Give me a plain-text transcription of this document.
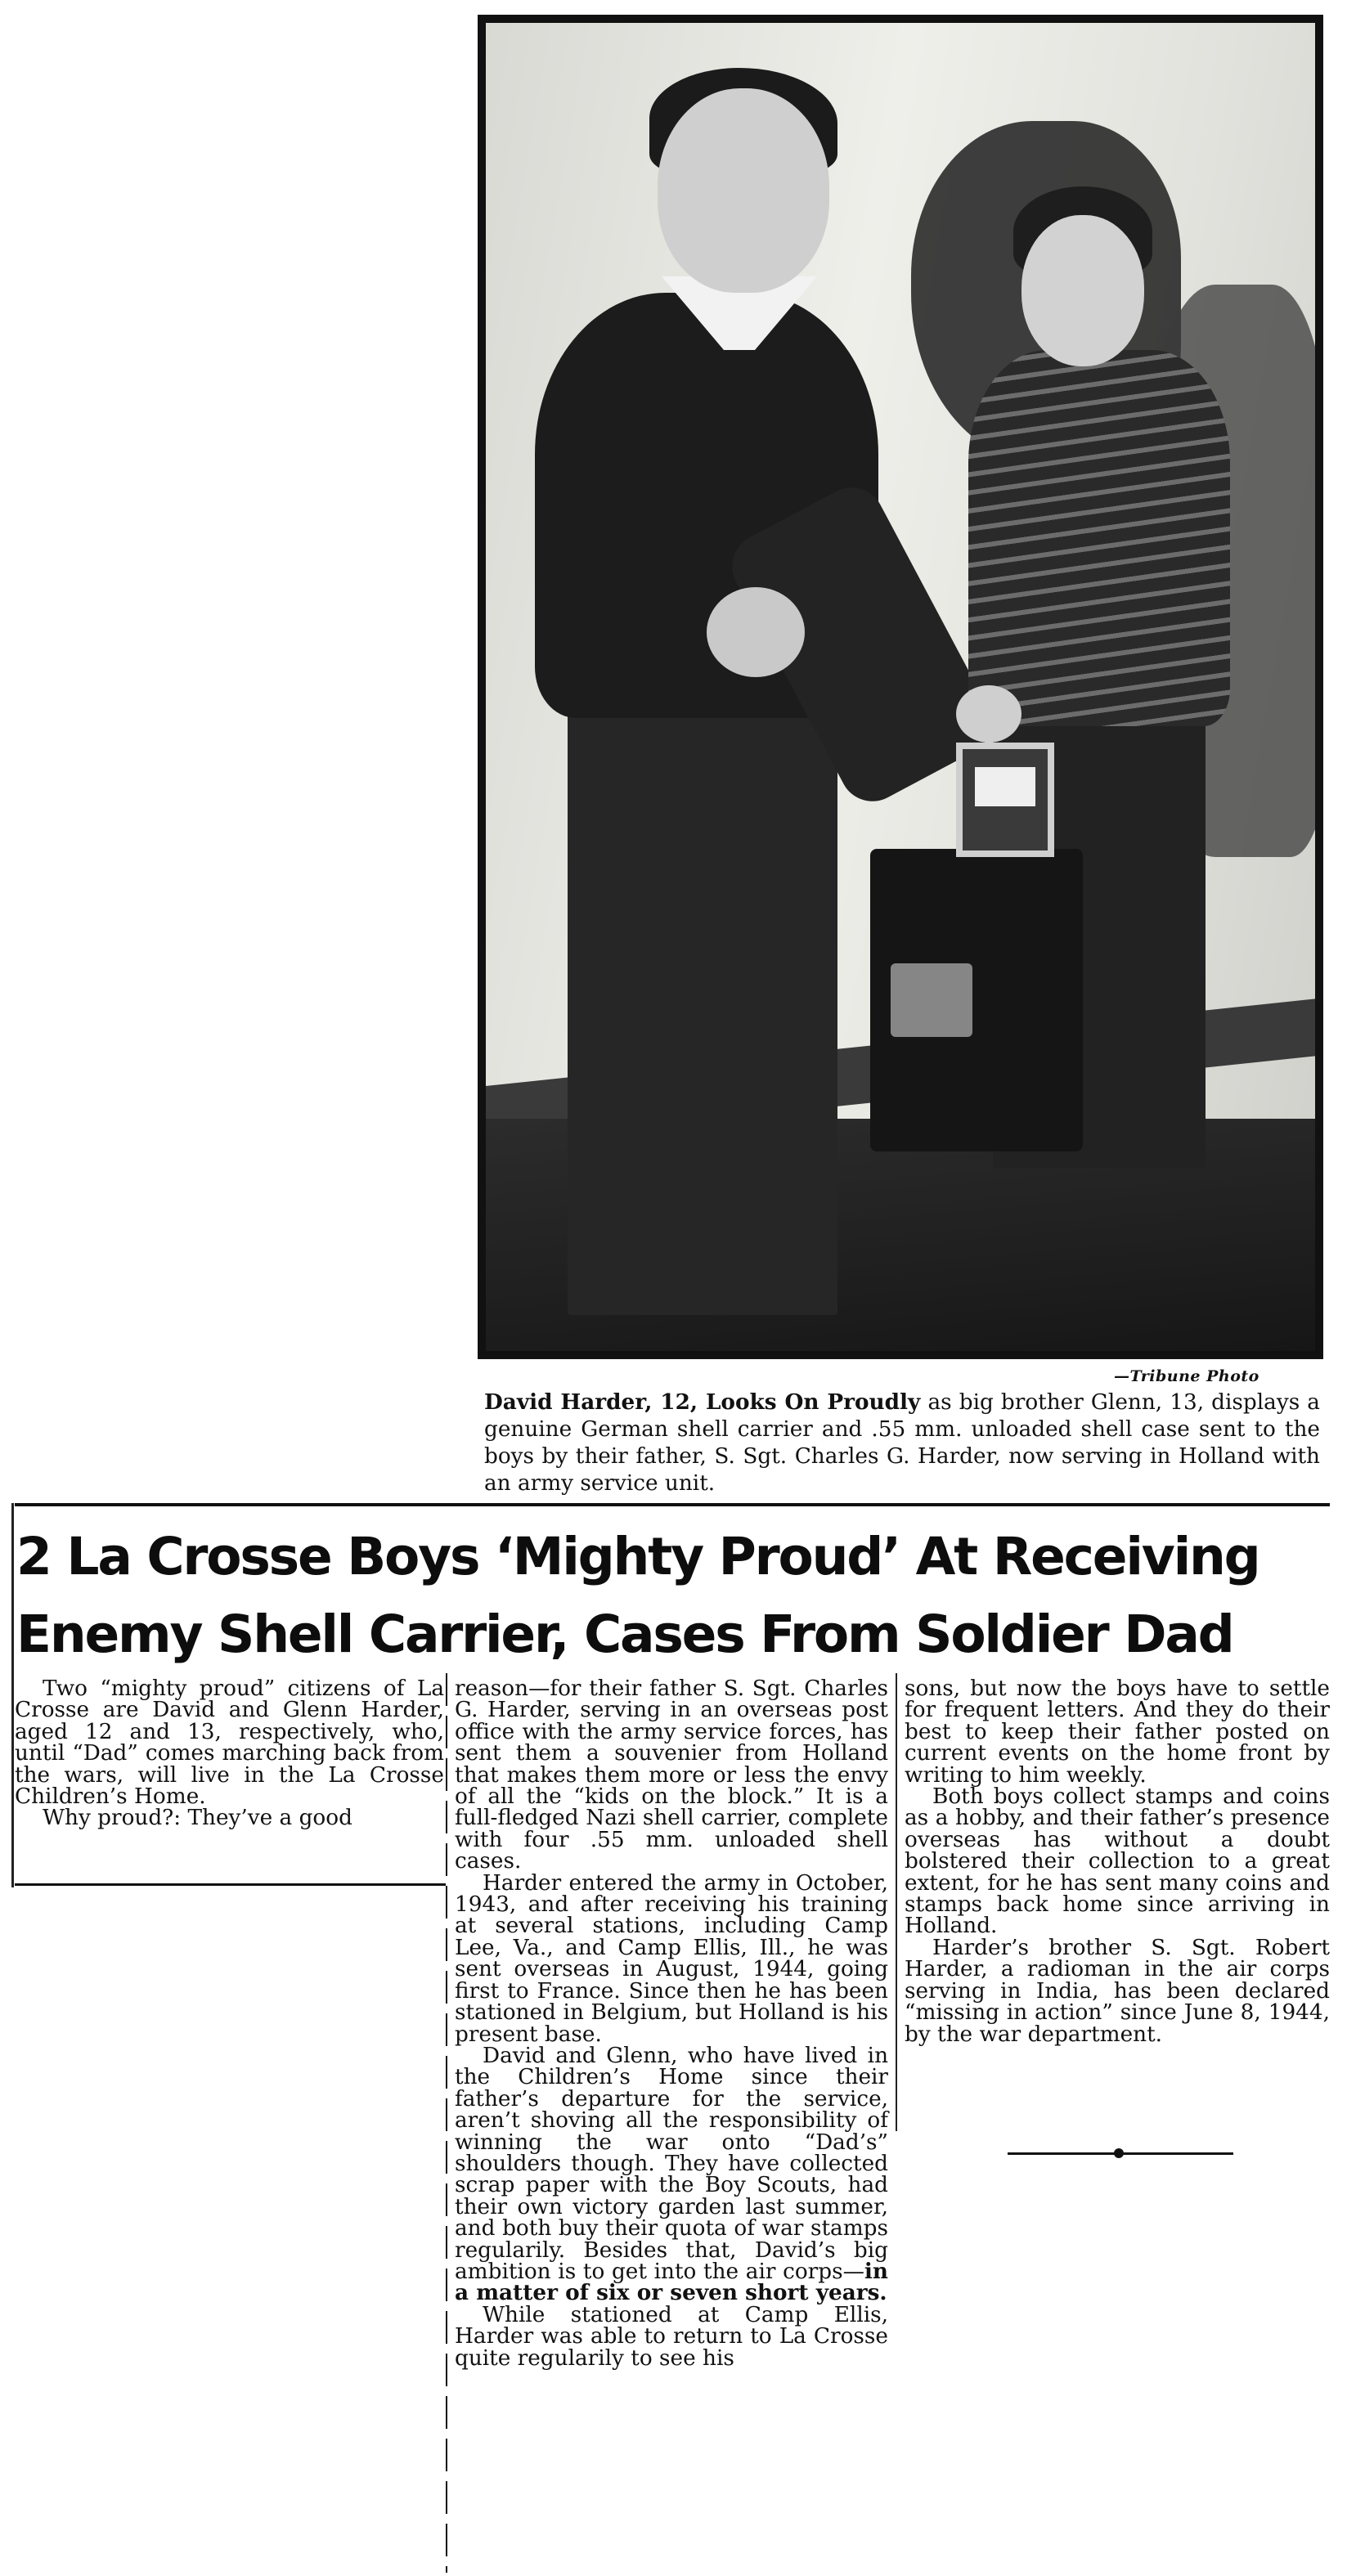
—Tribune Photo
David Harder, 12, Looks On Proudly as big brother Glenn, 13, displays a genuine German shell carrier and .55 mm. unloaded shell case sent to the boys by their father, S. Sgt. Charles G. Harder, now serving in Holland with an army service unit.
2 La Crosse Boys ‘Mighty Proud’ At Receiving
Enemy Shell Carrier, Cases From Soldier Dad

Two “mighty proud” citizens of La Crosse are David and Glenn Harder, aged 12 and 13, respectively, who, until “Dad” comes marching back from the wars, will live in the La Crosse Children’s Home.

Why proud?: They’ve a good

reason—for their father S. Sgt. Charles G. Harder, serving in an overseas post office with the army service forces, has sent them a souvenier from Holland that makes them more or less the envy of all the “kids on the block.” It is a full-fledged Nazi shell carrier, complete with four .55 mm. unloaded shell cases.

Harder entered the army in October, 1943, and after receiving his training at several stations, including Camp Lee, Va., and Camp Ellis, Ill., he was sent overseas in August, 1944, going first to France. Since then he has been stationed in Belgium, but Holland is his present base.

David and Glenn, who have lived in the Children’s Home since their father’s departure for the service, aren’t shoving all the responsibility of winning the war onto “Dad’s” shoulders though. They have collected scrap paper with the Boy Scouts, had their own victory garden last summer, and both buy their quota of war stamps regularily. Besides that, David’s big ambition is to get into the air corps—in a matter of six or seven short years.

While stationed at Camp Ellis, Harder was able to return to La Crosse quite regularily to see his

sons, but now the boys have to settle for frequent letters. And they do their best to keep their father posted on current events on the home front by writing to him weekly.

Both boys collect stamps and coins as a hobby, and their father’s presence overseas has without a doubt bolstered their collection to a great extent, for he has sent many coins and stamps back home since arriving in Holland.

Harder’s brother S. Sgt. Robert Harder, a radioman in the air corps serving in India, has been declared “missing in action” since June 8, 1944, by the war department.
